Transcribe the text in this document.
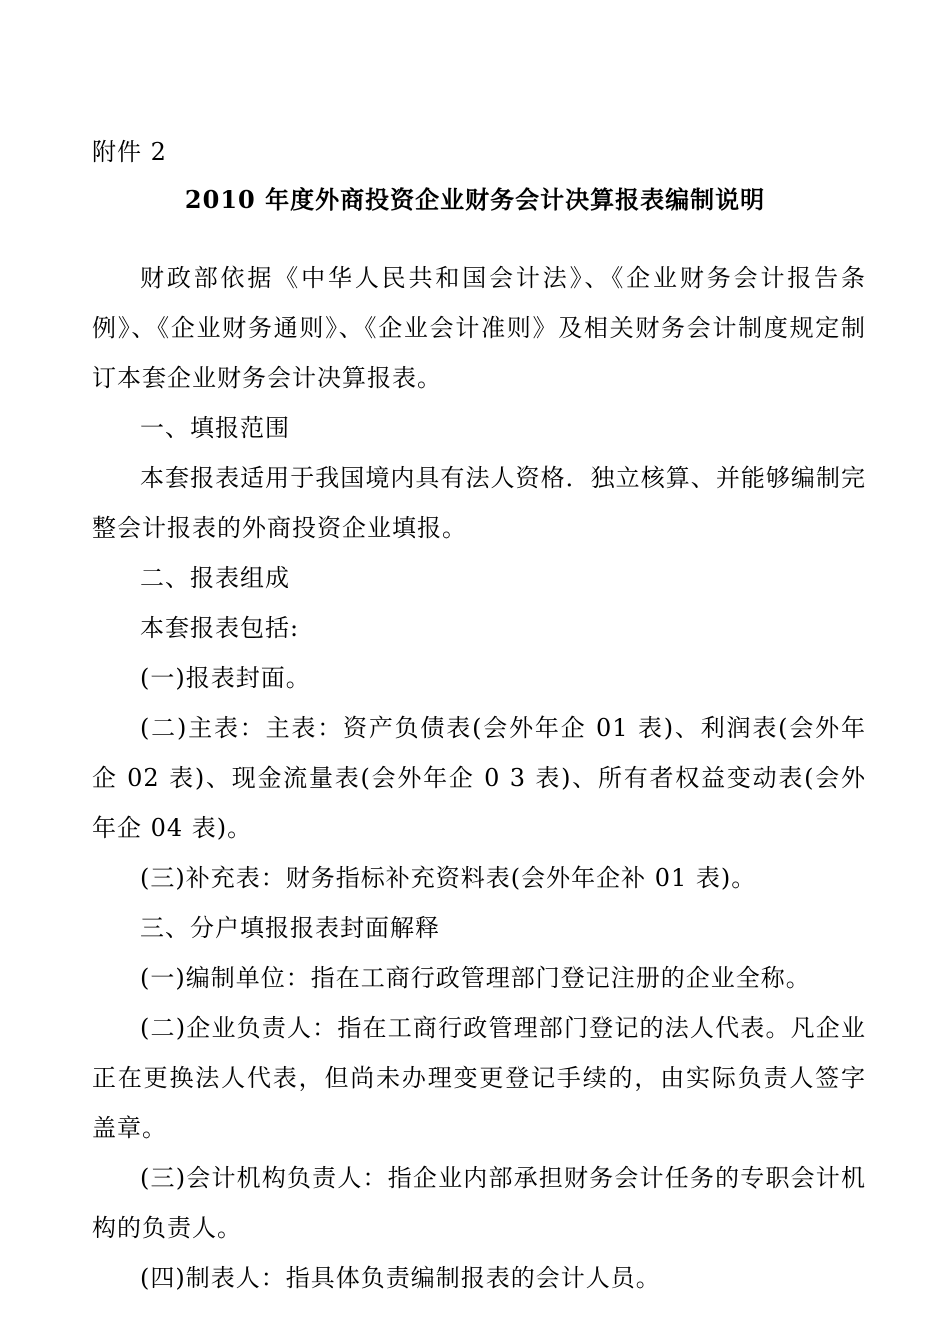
附件 2
2010 年度外商投资企业财务会计决算报表编制说明

财政部依据《中华人民共和国会计法》、《企业财务会计报告条例》、《企业财务通则》、《企业会计准则》及相关财务会计制度规定制订本套企业财务会计决算报表。

一、填报范围

本套报表适用于我国境内具有法人资格．独立核算、并能够编制完整会计报表的外商投资企业填报。

二、报表组成

本套报表包括:

(一)报表封面。

(二)主表：主表：资产负债表(会外年企 01 表)、利润表(会外年企 02 表)、现金流量表(会外年企 0 3 表)、所有者权益变动表(会外年企 04 表)。

(三)补充表：财务指标补充资料表(会外年企补 01 表)。

三、分户填报报表封面解释

(一)编制单位：指在工商行政管理部门登记注册的企业全称。

(二)企业负责人：指在工商行政管理部门登记的法人代表。凡企业正在更换法人代表，但尚未办理变更登记手续的，由实际负责人签字盖章。

(三)会计机构负责人：指企业内部承担财务会计任务的专职会计机构的负责人。

(四)制表人：指具体负责编制报表的会计人员。
